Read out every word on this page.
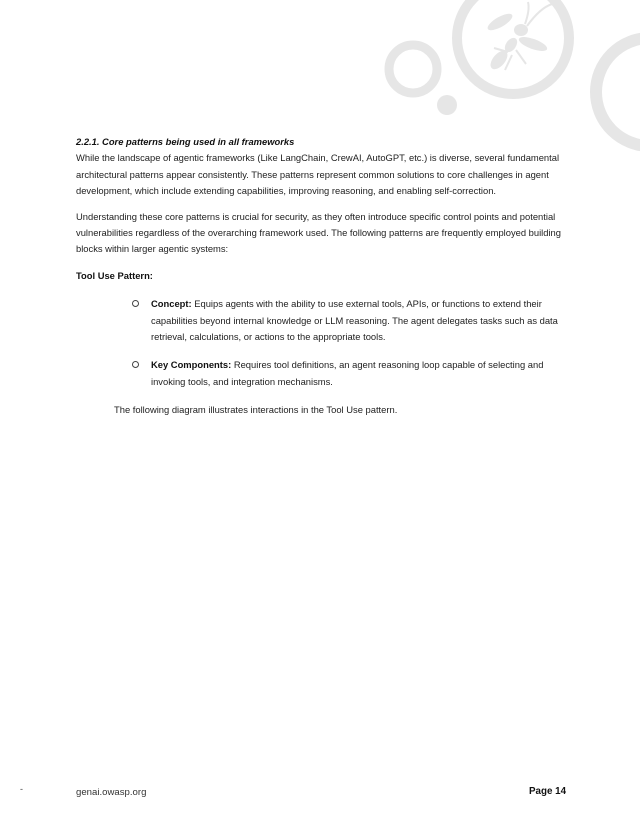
2.2.1. Core patterns being used in all frameworks

While the landscape of agentic frameworks (Like LangChain, CrewAI, AutoGPT, etc.) is diverse, several fundamental architectural patterns appear consistently. These patterns represent common solutions to core challenges in agent development, which include extending capabilities, improving reasoning, and enabling self-correction.

Understanding these core patterns is crucial for security, as they often introduce specific control points and potential vulnerabilities regardless of the overarching framework used. The following patterns are frequently employed building blocks within larger agentic systems:

Tool Use Pattern:

Concept: Equips agents with the ability to use external tools, APIs, or functions to extend their capabilities beyond internal knowledge or LLM reasoning. The agent delegates tasks such as data retrieval, calculations, or actions to the appropriate tools.
Key Components: Requires tool definitions, an agent reasoning loop capable of selecting and invoking tools, and integration mechanisms.

The following diagram illustrates interactions in the Tool Use pattern.

-	genai.owasp.org	Page 14
